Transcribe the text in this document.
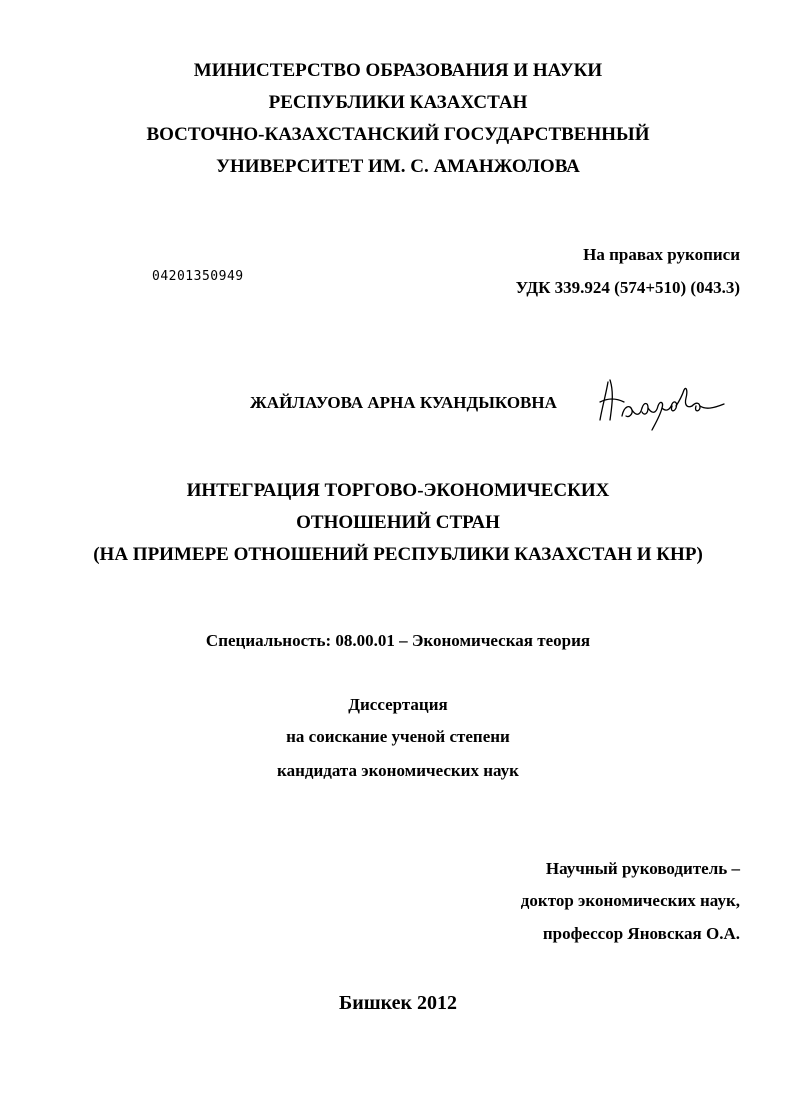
МИНИСТЕРСТВО ОБРАЗОВАНИЯ И НАУКИ
РЕСПУБЛИКИ КАЗАХСТАН
ВОСТОЧНО-КАЗАХСТАНСКИЙ ГОСУДАРСТВЕННЫЙ
УНИВЕРСИТЕТ ИМ. С. АМАНЖОЛОВА
На правах рукописи
УДК 339.924 (574+510) (043.3)
04201350949
ЖАЙЛАУОВА АРНА КУАНДЫКОВНА
ИНТЕГРАЦИЯ ТОРГОВО-ЭКОНОМИЧЕСКИХ
ОТНОШЕНИЙ СТРАН
(НА ПРИМЕРЕ ОТНОШЕНИЙ РЕСПУБЛИКИ КАЗАХСТАН И КНР)
Специальность: 08.00.01 – Экономическая теория
Диссертация
на соискание ученой степени
кандидата экономических наук
Научный руководитель –
доктор экономических наук,
профессор Яновская О.А.
Бишкек 2012
